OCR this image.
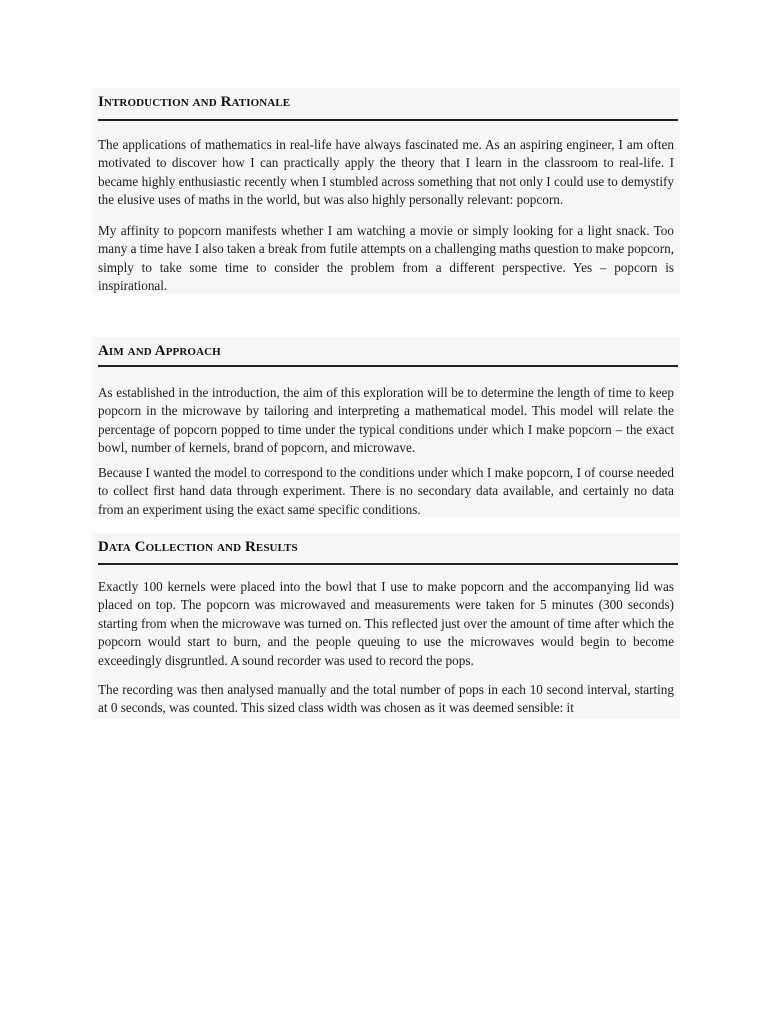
Introduction and Rationale

The applications of mathematics in real-life have always fascinated me. As an aspiring engineer, I am often motivated to discover how I can practically apply the theory that I learn in the classroom to real-life. I became highly enthusiastic recently when I stumbled across something that not only I could use to demystify the elusive uses of maths in the world, but was also highly personally relevant: popcorn.

My affinity to popcorn manifests whether I am watching a movie or simply looking for a light snack. Too many a time have I also taken a break from futile attempts on a challenging maths question to make popcorn, simply to take some time to consider the problem from a different perspective. Yes – popcorn is inspirational.

Aim and Approach

As established in the introduction, the aim of this exploration will be to determine the length of time to keep popcorn in the microwave by tailoring and interpreting a mathematical model. This model will relate the percentage of popcorn popped to time under the typical conditions under which I make popcorn – the exact bowl, number of kernels, brand of popcorn, and microwave.

Because I wanted the model to correspond to the conditions under which I make popcorn, I of course needed to collect first hand data through experiment. There is no secondary data available, and certainly no data from an experiment using the exact same specific conditions.

Data Collection and Results

Exactly 100 kernels were placed into the bowl that I use to make popcorn and the accompanying lid was placed on top. The popcorn was microwaved and measurements were taken for 5 minutes (300 seconds) starting from when the microwave was turned on. This reflected just over the amount of time after which the popcorn would start to burn, and the people queuing to use the microwaves would begin to become exceedingly disgruntled. A sound recorder was used to record the pops.

The recording was then analysed manually and the total number of pops in each 10 second interval, starting at 0 seconds, was counted. This sized class width was chosen as it was deemed sensible: it
